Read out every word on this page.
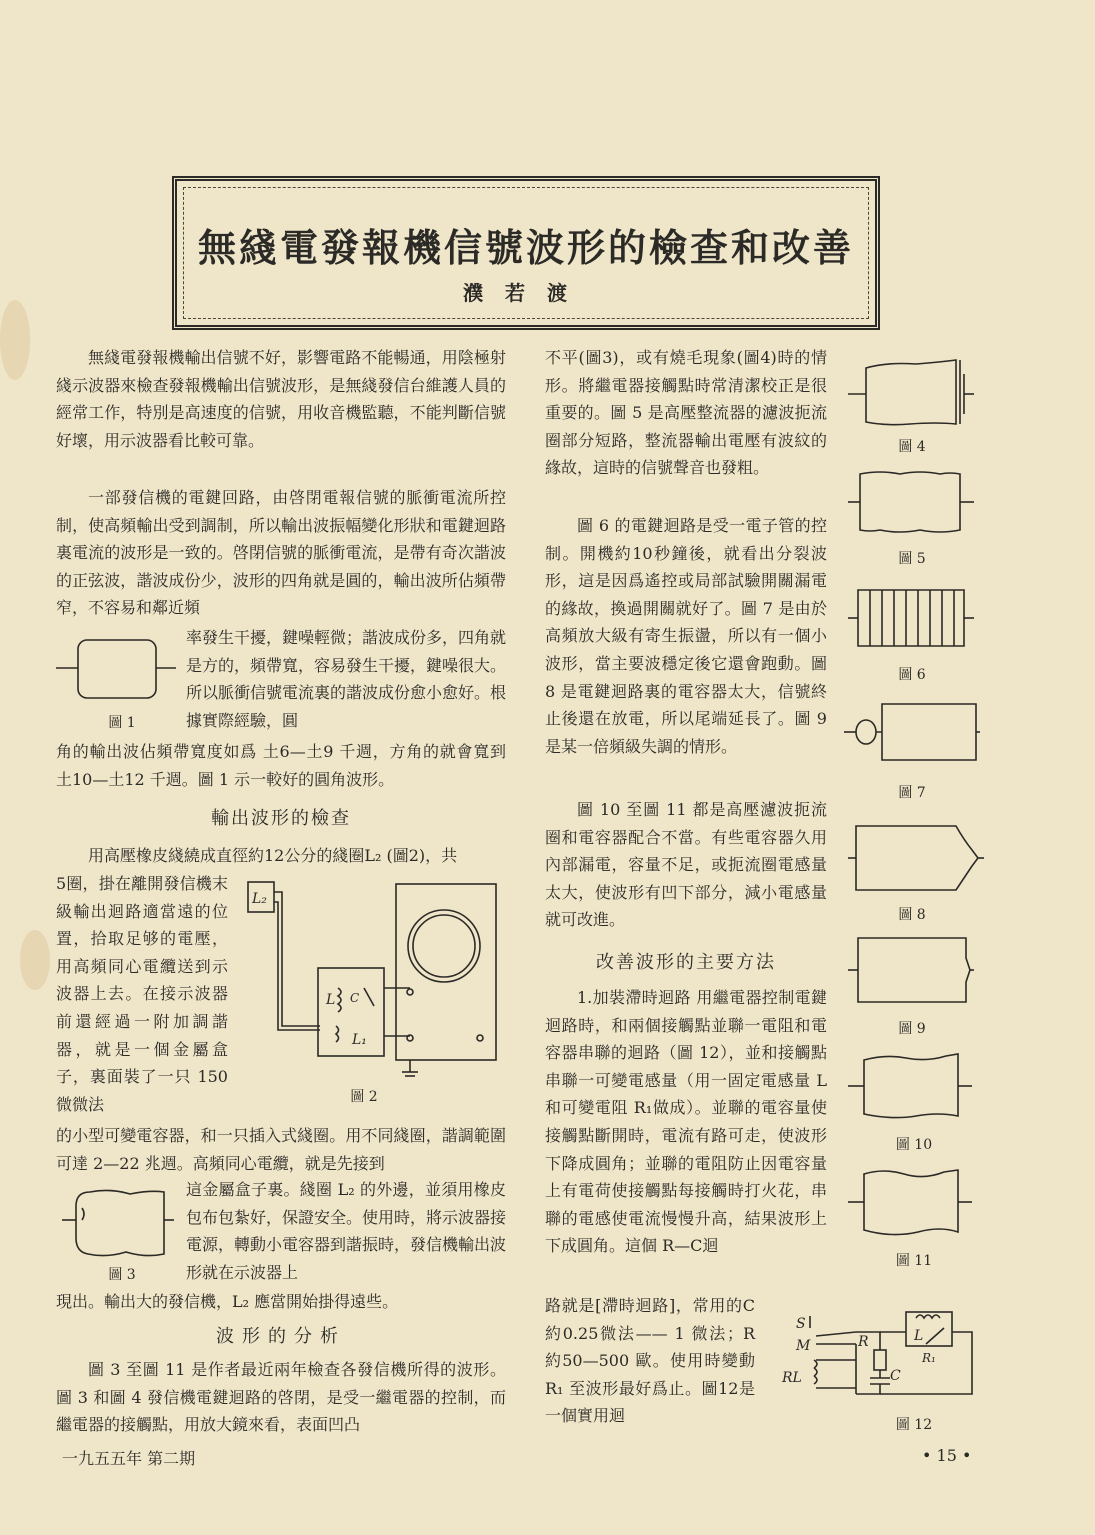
無綫電發報機信號波形的檢查和改善
濮若渡

無綫電發報機輸出信號不好，影響電路不能暢通，用陰極射綫示波器來檢查發報機輸出信號波形，是無綫發信台維護人員的經常工作，特別是高速度的信號，用收音機監聽，不能判斷信號好壞，用示波器看比較可靠。

一部發信機的電鍵回路，由啓閉電報信號的脈衝電流所控制，使高頻輸出受到調制，所以輸出波振幅變化形狀和電鍵迴路裏電流的波形是一致的。啓閉信號的脈衝電流，是帶有奇次諧波的正弦波，諧波成份少，波形的四角就是圓的，輸出波所佔頻帶窄，不容易和鄰近頻

圖 1

率發生干擾，鍵噪輕微；諧波成份多，四角就是方的，頻帶寬，容易發生干擾，鍵噪很大。所以脈衝信號電流裏的諧波成份愈小愈好。根據實際經驗，圓

角的輸出波佔頻帶寬度如爲 土6—土9 千週，方角的就會寬到 土10—土12 千週。圖 1 示一較好的圓角波形。

輸出波形的檢查

用高壓橡皮綫繞成直徑約12公分的綫圈L₂ (圖2)，共

5圈，掛在離開發信機末級輸出迴路適當遠的位置，拾取足够的電壓，用高頻同心電纜送到示波器上去。在接示波器前還經過一附加調諧器，就是一個金屬盒子，裏面裝了一只 150 微微法

L₂
L C
L₁
圖 2

的小型可變電容器，和一只插入式綫圈。用不同綫圈，諧調範圍可達 2—22 兆週。高頻同心電纜，就是先接到

圖 3

這金屬盒子裏。綫圈 L₂ 的外邊，並須用橡皮包布包紮好，保證安全。使用時，將示波器接電源，轉動小電容器到諧振時，發信機輸出波形就在示波器上

現出。輸出大的發信機，L₂ 應當開始掛得遠些。

波形的分析

圖 3 至圖 11 是作者最近兩年檢查各發信機所得的波形。圖 3 和圖 4 發信機電鍵迴路的啓閉，是受一繼電器的控制，而繼電器的接觸點，用放大鏡來看，表面凹凸

不平(圖3)，或有燒毛現象(圖4)時的情形。將繼電器接觸點時常清潔校正是很重要的。圖 5 是高壓整流器的濾波扼流圈部分短路，整流器輸出電壓有波紋的緣故，這時的信號聲音也發粗。

圖 6 的電鍵迴路是受一電子管的控制。開機約10秒鐘後，就看出分裂波形，這是因爲遙控或局部試驗開關漏電的緣故，換過開關就好了。圖 7 是由於高頻放大級有寄生振盪，所以有一個小波形，當主要波穩定後它還會跑動。圖 8 是電鍵迴路裏的電容器太大，信號終止後還在放電，所以尾端延長了。圖 9 是某一倍頻級失調的情形。

圖 10 至圖 11 都是高壓濾波扼流圈和電容器配合不當。有些電容器久用內部漏電，容量不足，或扼流圈電感量太大，使波形有凹下部分，減小電感量就可改進。

改善波形的主要方法

1.加裝滯時迴路 用繼電器控制電鍵迴路時，和兩個接觸點並聯一電阻和電容器串聯的迴路（圖 12），並和接觸點串聯一可變電感量（用一固定電感量 L 和可變電阻 R₁做成）。並聯的電容量使接觸點斷開時，電流有路可走，使波形下降成圓角；並聯的電阻防止因電容量上有電荷使接觸點每接觸時打火花，串聯的電感使電流慢慢升高，結果波形上下成圓角。這個 R—C迴

路就是[滯時迴路]，常用的C 約0.25微法—— 1 微法；R 約50—500 歐。使用時變動 R₁ 至波形最好爲止。圖12是一個實用迴

圖 4
圖 5
圖 6
圖 7
圖 8
圖 9
圖 10
圖 11
S
M	R
C
L
R₁
RL
圖 12
一九五五年 第二期	• 15 •
